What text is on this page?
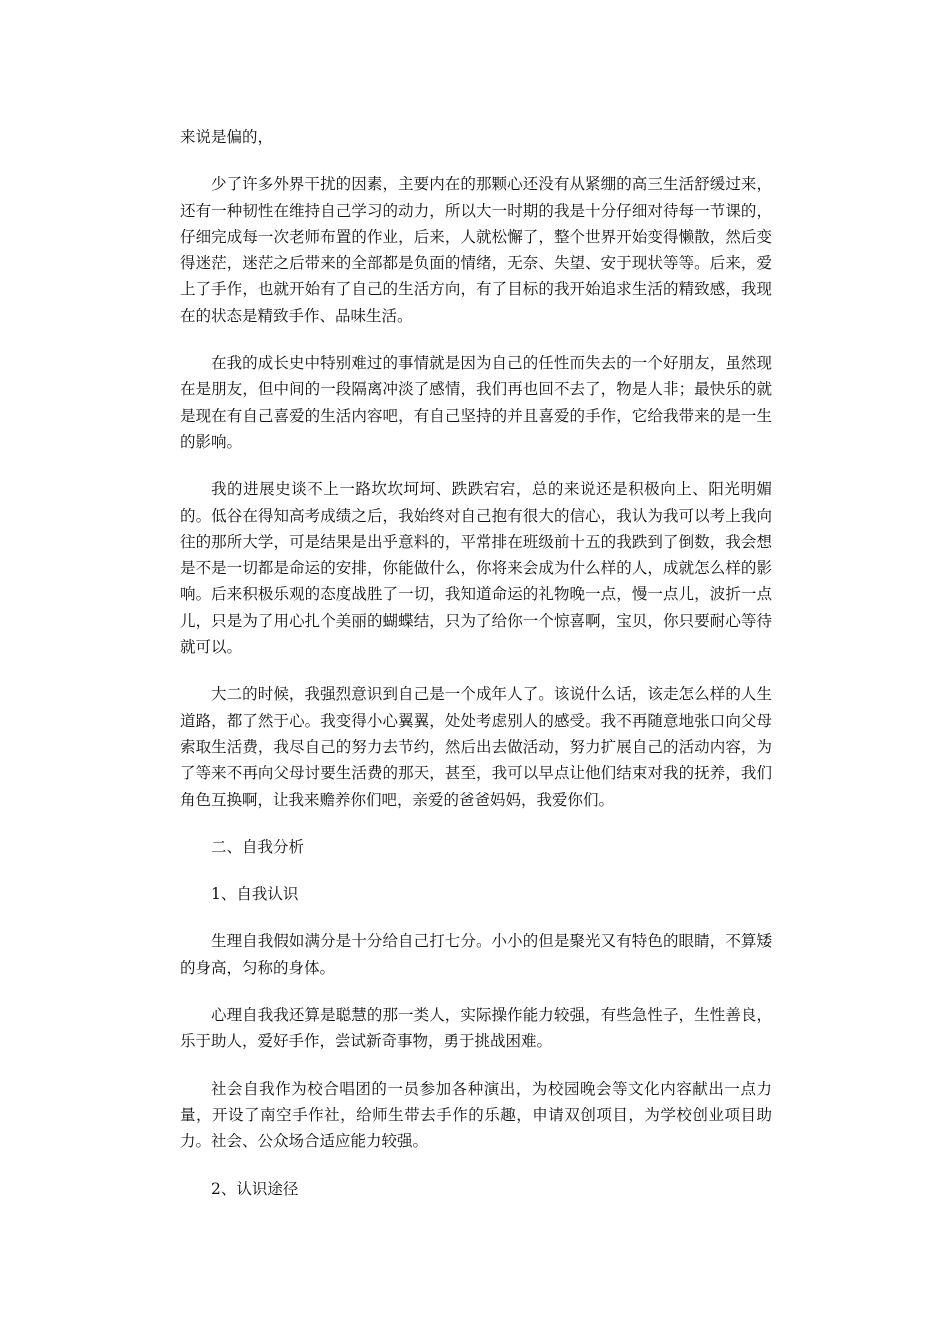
来说是偏的，

少了许多外界干扰的因素，主要内在的那颗心还没有从紧绷的高三生活舒缓过来，还有一种韧性在维持自己学习的动力，所以大一时期的我是十分仔细对待每一节课的，仔细完成每一次老师布置的作业，后来，人就松懈了，整个世界开始变得懒散，然后变得迷茫，迷茫之后带来的全部都是负面的情绪，无奈、失望、安于现状等等。后来，爱上了手作，也就开始有了自己的生活方向，有了目标的我开始追求生活的精致感，我现在的状态是精致手作、品味生活。

在我的成长史中特别难过的事情就是因为自己的任性而失去的一个好朋友，虽然现在是朋友，但中间的一段隔离冲淡了感情，我们再也回不去了，物是人非；最快乐的就是现在有自己喜爱的生活内容吧，有自己坚持的并且喜爱的手作，它给我带来的是一生的影响。

我的进展史谈不上一路坎坎坷坷、跌跌宕宕，总的来说还是积极向上、阳光明媚的。低谷在得知高考成绩之后，我始终对自己抱有很大的信心，我认为我可以考上我向往的那所大学，可是结果是出乎意料的，平常排在班级前十五的我跌到了倒数，我会想是不是一切都是命运的安排，你能做什么，你将来会成为什么样的人，成就怎么样的影响。后来积极乐观的态度战胜了一切，我知道命运的礼物晚一点，慢一点儿，波折一点儿，只是为了用心扎个美丽的蝴蝶结，只为了给你一个惊喜啊，宝贝，你只要耐心等待就可以。

大二的时候，我强烈意识到自己是一个成年人了。该说什么话，该走怎么样的人生道路，都了然于心。我变得小心翼翼，处处考虑别人的感受。我不再随意地张口向父母索取生活费，我尽自己的努力去节约，然后出去做活动，努力扩展自己的活动内容，为了等来不再向父母讨要生活费的那天，甚至，我可以早点让他们结束对我的抚养，我们角色互换啊，让我来赡养你们吧，亲爱的爸爸妈妈，我爱你们。

二、自我分析

1、自我认识

生理自我假如满分是十分给自己打七分。小小的但是聚光又有特色的眼睛，不算矮的身高，匀称的身体。

心理自我我还算是聪慧的那一类人，实际操作能力较强，有些急性子，生性善良，乐于助人，爱好手作，尝试新奇事物，勇于挑战困难。

社会自我作为校合唱团的一员参加各种演出，为校园晚会等文化内容献出一点力量，开设了南空手作社，给师生带去手作的乐趣，申请双创项目，为学校创业项目助力。社会、公众场合适应能力较强。

2、认识途径
